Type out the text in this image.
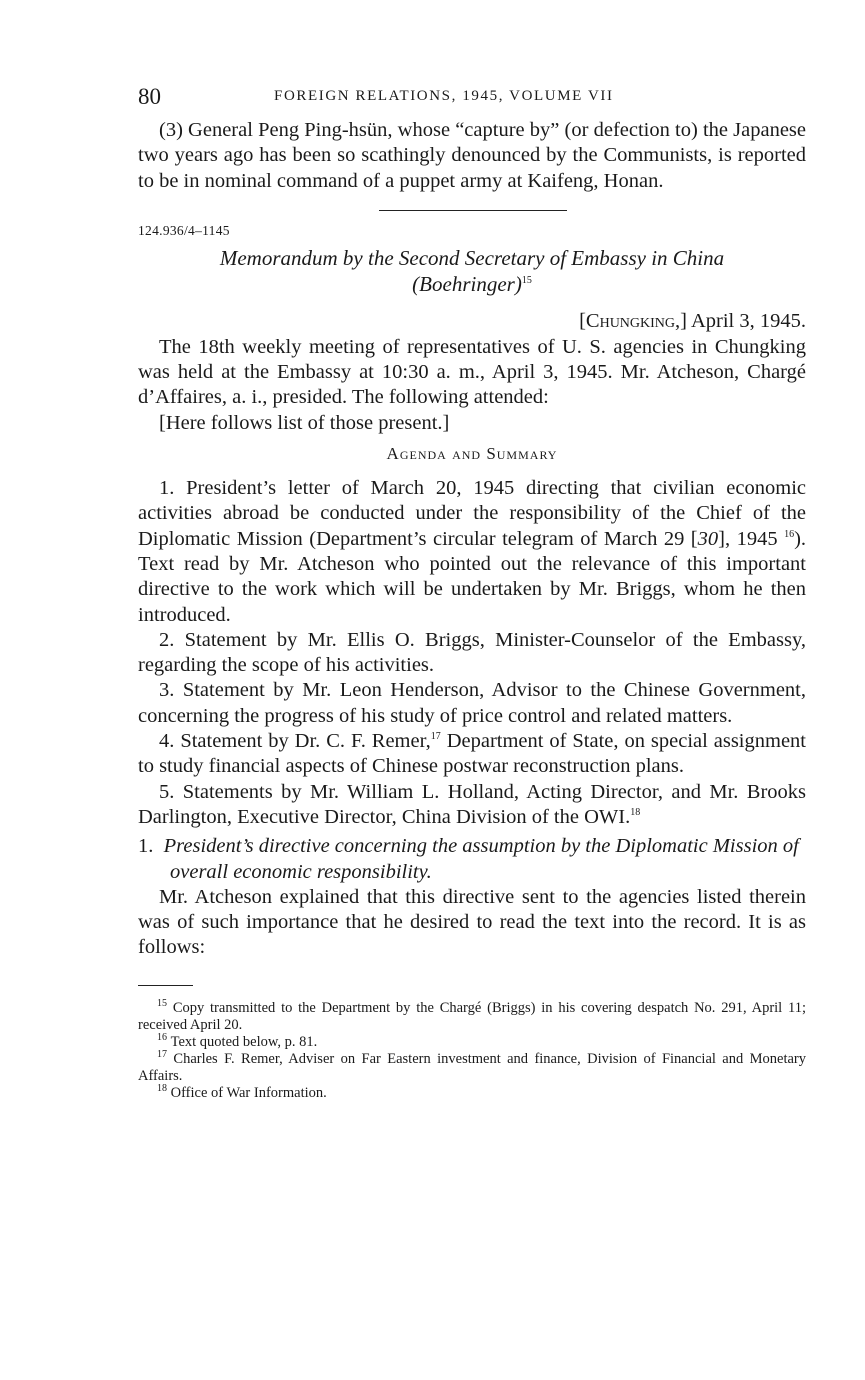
80	FOREIGN RELATIONS, 1945, VOLUME VII

(3) General Peng Ping-hsün, whose “capture by” (or defection to) the Japanese two years ago has been so scathingly denounced by the Communists, is reported to be in nominal command of a puppet army at Kaifeng, Honan.

124.936/4–1145
Memorandum by the Second Secretary of Embassy in China
(Boehringer)$^{15}$
[Chungking,] April 3, 1945.

The 18th weekly meeting of representatives of U. S. agencies in Chungking was held at the Embassy at 10:30 a. m., April 3, 1945. Mr. Atcheson, Chargé d’Affaires, a. i., presided. The following attended:

[Here follows list of those present.]

Agenda and Summary

1. President’s letter of March 20, 1945 directing that civilian economic activities abroad be conducted under the responsibility of the Chief of the Diplomatic Mission (Department’s circular telegram of March 29 [30], 1945 $^{16}$). Text read by Mr. Atcheson who pointed out the relevance of this important directive to the work which will be undertaken by Mr. Briggs, whom he then introduced.

2. Statement by Mr. Ellis O. Briggs, Minister-Counselor of the Embassy, regarding the scope of his activities.

3. Statement by Mr. Leon Henderson, Advisor to the Chinese Government, concerning the progress of his study of price control and related matters.

4. Statement by Dr. C. F. Remer,$^{17}$ Department of State, on special assignment to study financial aspects of Chinese postwar reconstruction plans.

5. Statements by Mr. William L. Holland, Acting Director, and Mr. Brooks Darlington, Executive Director, China Division of the OWI.$^{18}$

1. President’s directive concerning the assumption by the Diplomatic Mission of overall economic responsibility.

Mr. Atcheson explained that this directive sent to the agencies listed therein was of such importance that he desired to read the text into the record. It is as follows:

$^{15}$ Copy transmitted to the Department by the Chargé (Briggs) in his covering despatch No. 291, April 11; received April 20.

$^{16}$ Text quoted below, p. 81.

$^{17}$ Charles F. Remer, Adviser on Far Eastern investment and finance, Division of Financial and Monetary Affairs.

$^{18}$ Office of War Information.
